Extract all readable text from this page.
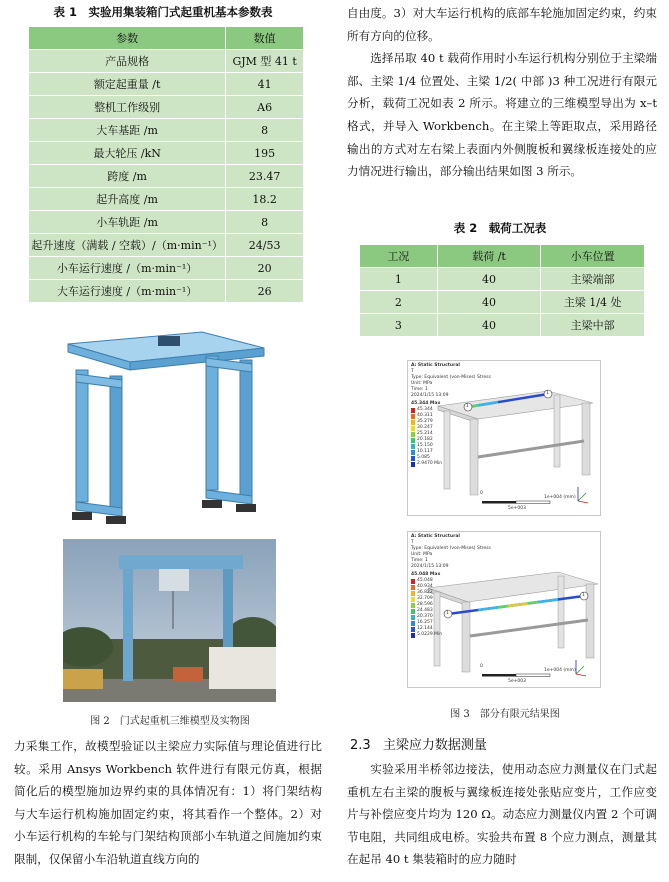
表 1　实验用集装箱门式起重机基本参数表
参数	数值
产品规格	GJM 型 41 t
额定起重量 /t	41
整机工作级别	A6
大车基距 /m	8
最大轮压 /kN	195
跨度 /m	23.47
起升高度 /m	18.2
小车轨距 /m	8
起升速度（满载 / 空载）/（m·min⁻¹）	24/53
小车运行速度 /（m·min⁻¹）	20
大车运行速度 /（m·min⁻¹）	26
图 2　门式起重机三维模型及实物图

力采集工作，故模型验证以主梁应力实际值与理论值进行比较。采用 Ansys Workbench 软件进行有限元仿真，根据简化后的模型施加边界约束的具体情况有：1）将门架结构与大车运行机构施加固定约束，将其看作一个整体。2）对小车运行机构的车轮与门架结构顶部小车轨道之间施加约束限制，仅保留小车沿轨道直线方向的

自由度。3）对大车运行机构的底部车轮施加固定约束，约束所有方向的位移。

选择吊取 40 t 载荷作用时小车运行机构分别位于主梁端部、主梁 1/4 位置处、主梁 1/2( 中部 )3 种工况进行有限元分析，载荷工况如表 2 所示。将建立的三维模型导出为 x–t 格式，并导入 Workbench。在主梁上等距取点，采用路径输出的方式对左右梁上表面内外侧腹板和翼缘板连接处的应力情况进行输出，部分输出结果如图 3 所示。

表 2　载荷工况表
工况	载荷 /t	小车位置
1	40	主梁端部
2	40	主梁 1/4 处
3	40	主梁中部
A: Static Structural
T
Type: Equivalent (von-Mises) Stress
Unit: MPa
Time: 1
2024/1/15 13:09
45.344 Max
45.344
40.311
35.279
30.247
25.214
20.182
15.150
10.117
5.085
2.9470 Min
0
1e+004 (mm)
5e+003
1
1
A: Static Structural
T
Type: Equivalent (von-Mises) Stress
Unit: MPa
Time: 1
2024/1/15 13:09
45.048 Max
45.048
40.934
36.822
32.709
28.596
24.483
20.370
16.257
12.144
5.0229 Min
0
1e+004 (mm)
5e+003
1
1
图 3　部分有限元结果图
2.3 主梁应力数据测量

实验采用半桥邻边接法，使用动态应力测量仪在门式起重机左右主梁的腹板与翼缘板连接处张贴应变片，工作应变片与补偿应变片均为 120 Ω。动态应力测量仪内置 2 个可调节电阻，共同组成电桥。实验共布置 8 个应力测点，测量其在起吊 40 t 集装箱时的应力随时
